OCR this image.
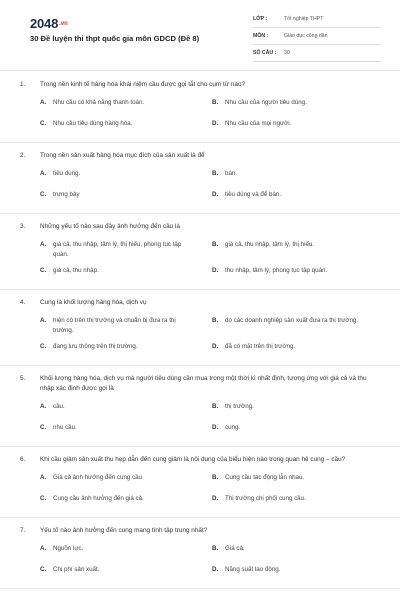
2048.vn
30 Đề luyện thi thpt quốc gia môn GDCD (Đề 8)
LỚP :	Tốt nghiệp THPT
MÔN :	Giáo dục công dân
SỐ CÂU : 30
1. Trong nền kinh tế hàng hóa khái niệm cầu được gọi tắt cho cụm từ nào?
A.	Nhu cầu có khả năng thanh toán.	B.	Nhu cầu của người tiêu dùng.
C.	Nhu cầu tiêu dùng hàng hóa.	D.	Nhu cầu của mọi người.
2. Trong nền sản xuất hàng hóa mục đích của sản xuất là để
A.	tiêu dùng.	B.	bán.
C.	trưng bày	D.	tiêu dùng và để bán.
3. Những yếu tố nào sau đây ảnh hưởng đến cầu là
A.	giá cả, thu nhập, tâm lý, thị hiếu, phong tục tập quán.
B.	giá cả, thu nhập, tâm lý, thị hiếu.
C.	giá cả, thu nhập.	D.	thu nhập, tâm lý, phong tục tập quán.
4. Cung là khối lượng hàng hóa, dịch vụ
A.	hiện có trên thị trường và chuẩn bị đưa ra thị trường.
B.	do các doanh nghiệp sản xuất đưa ra thị trường.
C.	đang lưu thông trên thị trường.	D.	đã có mặt trên thị trường.
5. Khối lượng hàng hóa, dịch vụ mà người tiêu dùng cần mua trong một thời kì nhất định, tương ứng với giá cả và thu nhập xác định được gọi là
A.	cầu.	B.	thị trường.
C.	nhu cầu.	D.	cung.
6. Khi cầu giảm sản xuất thu hẹp dẫn đến cung giảm là nội dung của biểu hiện nào trong quan hệ cung – cầu?
A.	Giá cả ảnh hưởng đến cung cầu	B.	Cung cầu tác động lẫn nhau.
C.	Cung cầu ảnh hưởng đến giá cả.	D.	Thị trường chi phối cung cầu.
7. Yếu tố nào ảnh hưởng đến cung mang tính tập trung nhất?
A.	Nguồn lực.	B.	Giá cả.
C.	Chi phí sản xuất.	D.	Năng suất lao động.
